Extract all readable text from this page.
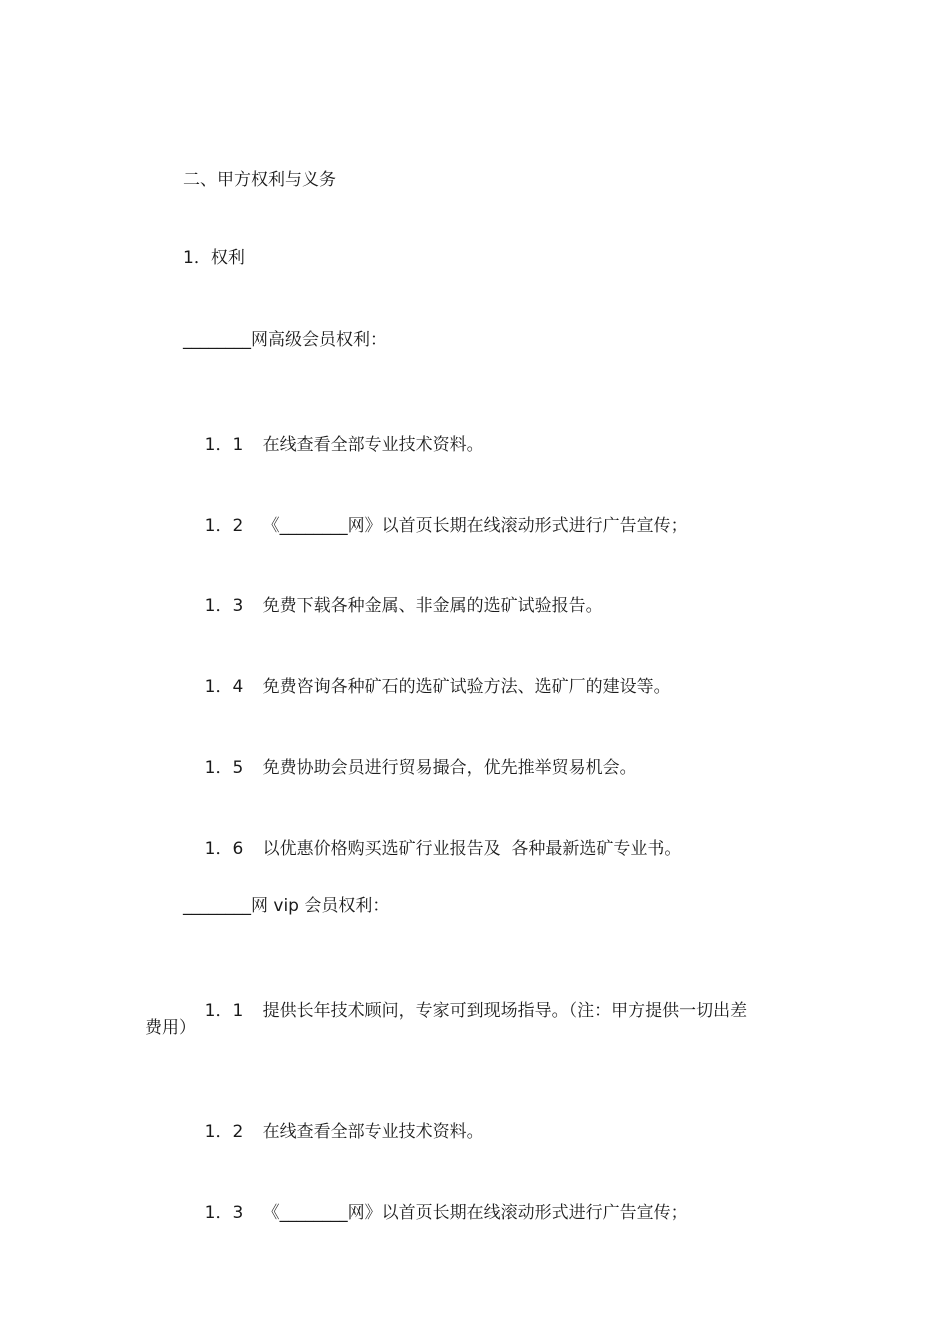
二、甲方权利与义务
1．权利
________网高级会员权利：

1．1 在线查看全部专业技术资料。

1．2 《________网》以首页长期在线滚动形式进行广告宣传；

1．3 免费下载各种金属、非金属的选矿试验报告。

1．4 免费咨询各种矿石的选矿试验方法、选矿厂的建设等。

1．5 免费协助会员进行贸易撮合，优先推举贸易机会。

1．6 以优惠价格购买选矿行业报告及  各种最新选矿专业书。

________网 vip 会员权利：

1．1 提供长年技术顾问，专家可到现场指导。（注：甲方提供一切出差

费用）

1．2 在线查看全部专业技术资料。

1．3 《________网》以首页长期在线滚动形式进行广告宣传；
